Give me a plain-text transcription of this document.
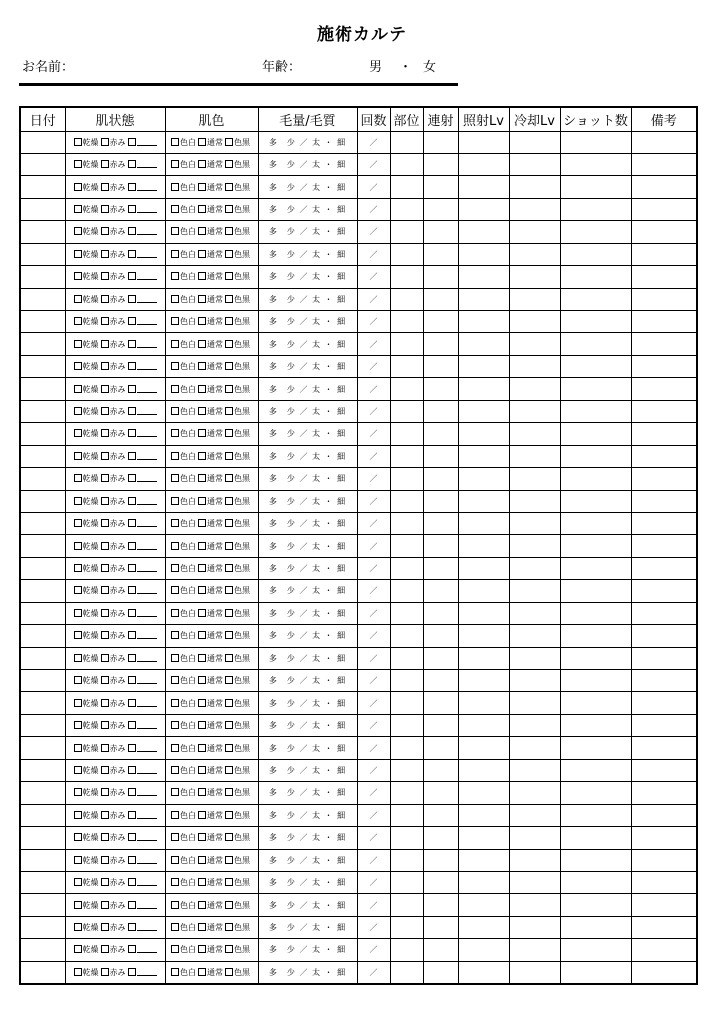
施術カルテ
お名前：	年齢：	男 ・ 女
日付	肌状態	肌色	毛量/毛質	回数	部位	連射	照射Lv	冷却Lv	ショット数	備考
	乾燥 赤み	色白 通常 色黒	多　少 ／ 太 ・ 細	／						
	乾燥 赤み	色白 通常 色黒	多　少 ／ 太 ・ 細	／						
	乾燥 赤み	色白 通常 色黒	多　少 ／ 太 ・ 細	／						
	乾燥 赤み	色白 通常 色黒	多　少 ／ 太 ・ 細	／						
	乾燥 赤み	色白 通常 色黒	多　少 ／ 太 ・ 細	／						
	乾燥 赤み	色白 通常 色黒	多　少 ／ 太 ・ 細	／						
	乾燥 赤み	色白 通常 色黒	多　少 ／ 太 ・ 細	／						
	乾燥 赤み	色白 通常 色黒	多　少 ／ 太 ・ 細	／						
	乾燥 赤み	色白 通常 色黒	多　少 ／ 太 ・ 細	／						
	乾燥 赤み	色白 通常 色黒	多　少 ／ 太 ・ 細	／						
	乾燥 赤み	色白 通常 色黒	多　少 ／ 太 ・ 細	／						
	乾燥 赤み	色白 通常 色黒	多　少 ／ 太 ・ 細	／						
	乾燥 赤み	色白 通常 色黒	多　少 ／ 太 ・ 細	／						
	乾燥 赤み	色白 通常 色黒	多　少 ／ 太 ・ 細	／						
	乾燥 赤み	色白 通常 色黒	多　少 ／ 太 ・ 細	／						
	乾燥 赤み	色白 通常 色黒	多　少 ／ 太 ・ 細	／						
	乾燥 赤み	色白 通常 色黒	多　少 ／ 太 ・ 細	／						
	乾燥 赤み	色白 通常 色黒	多　少 ／ 太 ・ 細	／						
	乾燥 赤み	色白 通常 色黒	多　少 ／ 太 ・ 細	／						
	乾燥 赤み	色白 通常 色黒	多　少 ／ 太 ・ 細	／						
	乾燥 赤み	色白 通常 色黒	多　少 ／ 太 ・ 細	／						
	乾燥 赤み	色白 通常 色黒	多　少 ／ 太 ・ 細	／						
	乾燥 赤み	色白 通常 色黒	多　少 ／ 太 ・ 細	／						
	乾燥 赤み	色白 通常 色黒	多　少 ／ 太 ・ 細	／						
	乾燥 赤み	色白 通常 色黒	多　少 ／ 太 ・ 細	／						
	乾燥 赤み	色白 通常 色黒	多　少 ／ 太 ・ 細	／						
	乾燥 赤み	色白 通常 色黒	多　少 ／ 太 ・ 細	／						
	乾燥 赤み	色白 通常 色黒	多　少 ／ 太 ・ 細	／						
	乾燥 赤み	色白 通常 色黒	多　少 ／ 太 ・ 細	／						
	乾燥 赤み	色白 通常 色黒	多　少 ／ 太 ・ 細	／						
	乾燥 赤み	色白 通常 色黒	多　少 ／ 太 ・ 細	／						
	乾燥 赤み	色白 通常 色黒	多　少 ／ 太 ・ 細	／						
	乾燥 赤み	色白 通常 色黒	多　少 ／ 太 ・ 細	／						
	乾燥 赤み	色白 通常 色黒	多　少 ／ 太 ・ 細	／						
	乾燥 赤み	色白 通常 色黒	多　少 ／ 太 ・ 細	／						
	乾燥 赤み	色白 通常 色黒	多　少 ／ 太 ・ 細	／						
	乾燥 赤み	色白 通常 色黒	多　少 ／ 太 ・ 細	／						
	乾燥 赤み	色白 通常 色黒	多　少 ／ 太 ・ 細	／						
